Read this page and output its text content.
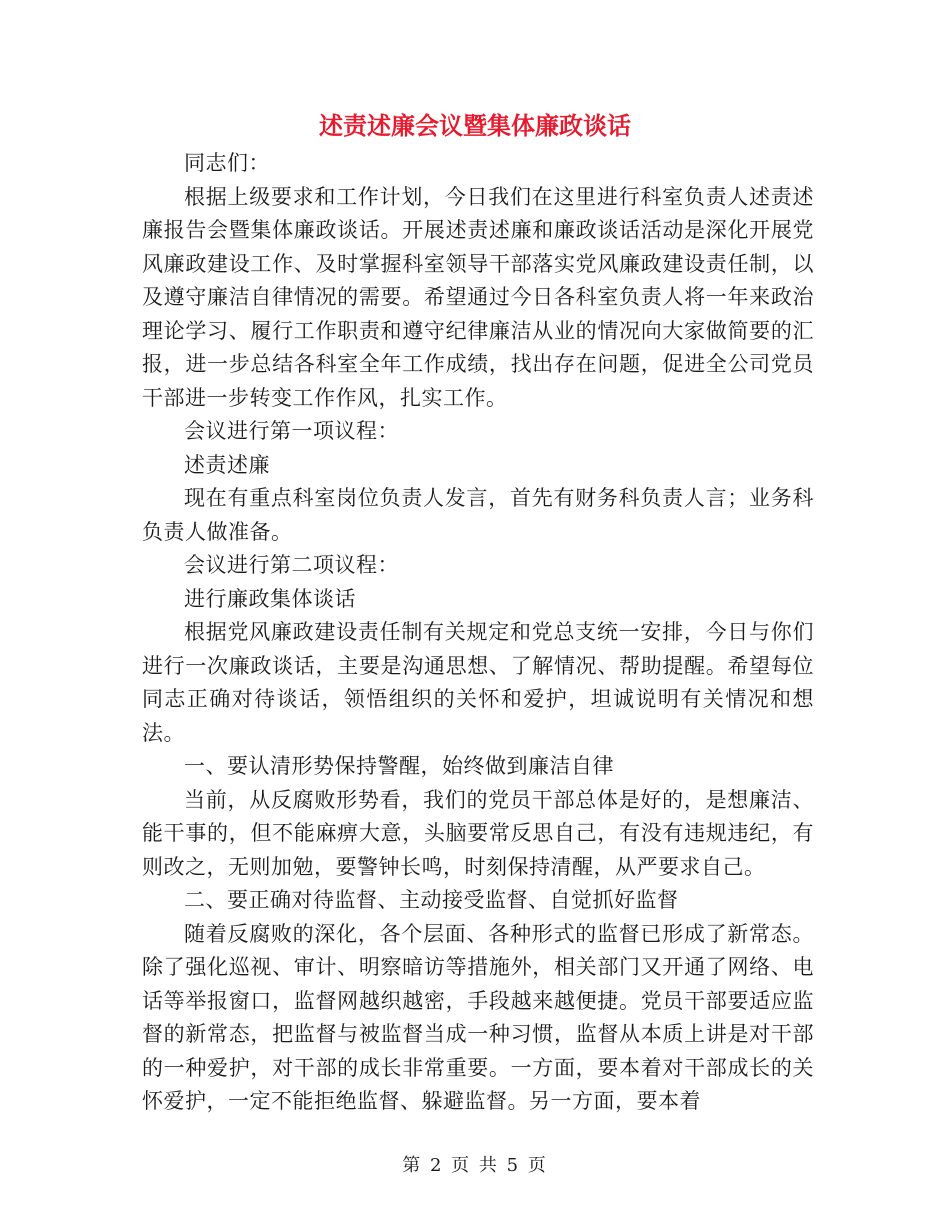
述责述廉会议暨集体廉政谈话

同志们：

根据上级要求和工作计划，今日我们在这里进行科室负责人述责述廉报告会暨集体廉政谈话。开展述责述廉和廉政谈话活动是深化开展党风廉政建设工作、及时掌握科室领导干部落实党风廉政建设责任制，以及遵守廉洁自律情况的需要。希望通过今日各科室负责人将一年来政治理论学习、履行工作职责和遵守纪律廉洁从业的情况向大家做简要的汇报，进一步总结各科室全年工作成绩，找出存在问题，促进全公司党员干部进一步转变工作作风，扎实工作。

会议进行第一项议程：

述责述廉

现在有重点科室岗位负责人发言，首先有财务科负责人言；业务科负责人做准备。

会议进行第二项议程：

进行廉政集体谈话

根据党风廉政建设责任制有关规定和党总支统一安排，今日与你们进行一次廉政谈话，主要是沟通思想、了解情况、帮助提醒。希望每位同志正确对待谈话，领悟组织的关怀和爱护，坦诚说明有关情况和想法。

一、要认清形势保持警醒，始终做到廉洁自律

当前，从反腐败形势看，我们的党员干部总体是好的，是想廉洁、能干事的，但不能麻痹大意，头脑要常反思自己，有没有违规违纪，有则改之，无则加勉，要警钟长鸣，时刻保持清醒，从严要求自己。

二、要正确对待监督、主动接受监督、自觉抓好监督

随着反腐败的深化，各个层面、各种形式的监督已形成了新常态。除了强化巡视、审计、明察暗访等措施外，相关部门又开通了网络、电话等举报窗口，监督网越织越密，手段越来越便捷。党员干部要适应监督的新常态，把监督与被监督当成一种习惯，监督从本质上讲是对干部的一种爱护，对干部的成长非常重要。一方面，要本着对干部成长的关怀爱护，一定不能拒绝监督、躲避监督。另一方面，要本着

第 2 页 共 5 页
